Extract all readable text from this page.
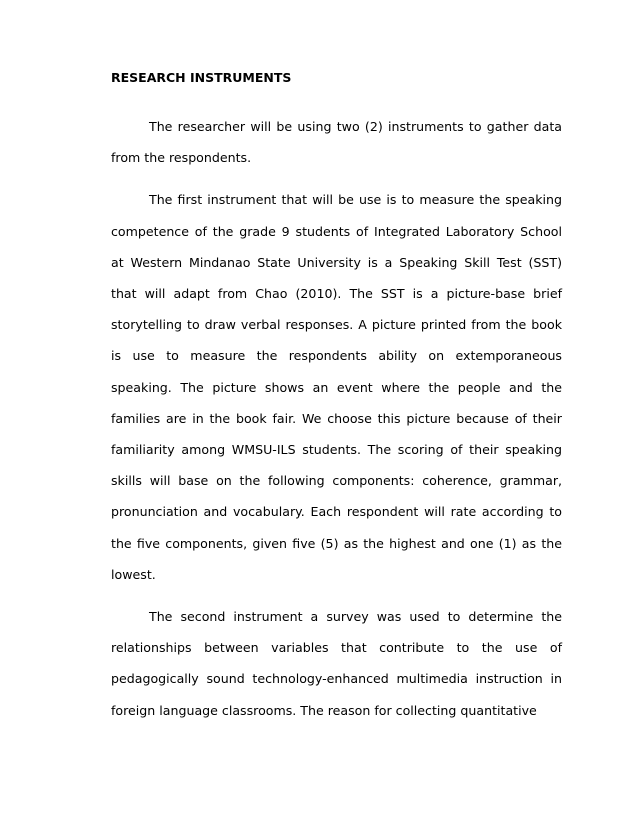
RESEARCH INSTRUMENTS

The researcher will be using two (2) instruments to gather data from the respondents.

The first instrument that will be use is to measure the speaking competence of the grade 9 students of Integrated Laboratory School at Western Mindanao State University is a Speaking Skill Test (SST) that will adapt from Chao (2010). The SST is a picture-base brief storytelling to draw verbal responses. A picture printed from the book is use to measure the respondents ability on extemporaneous speaking. The picture shows an event where the people and the families are in the book fair. We choose this picture because of their familiarity among WMSU-ILS students. The scoring of their speaking skills will base on the following components: coherence, grammar, pronunciation and vocabulary. Each respondent will rate according to the five components, given five (5) as the highest and one (1) as the lowest.

The second instrument a survey was used to determine the relationships between variables that contribute to the use of pedagogically sound technology-enhanced multimedia instruction in foreign language classrooms. The reason for collecting quantitative
